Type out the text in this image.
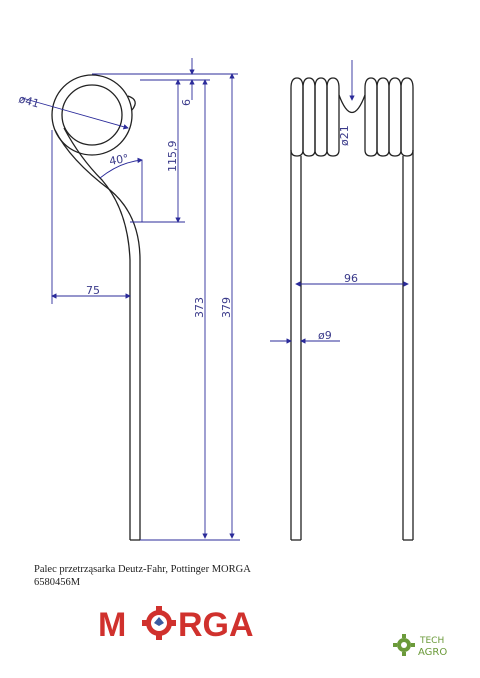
ø41	6
115,9
40°
75
373 379
ø21
96
ø9
Palec przetrząsarka Deutz-Fahr, Pottinger MORGA
6580456M
M RGA	TECH
AGRO
